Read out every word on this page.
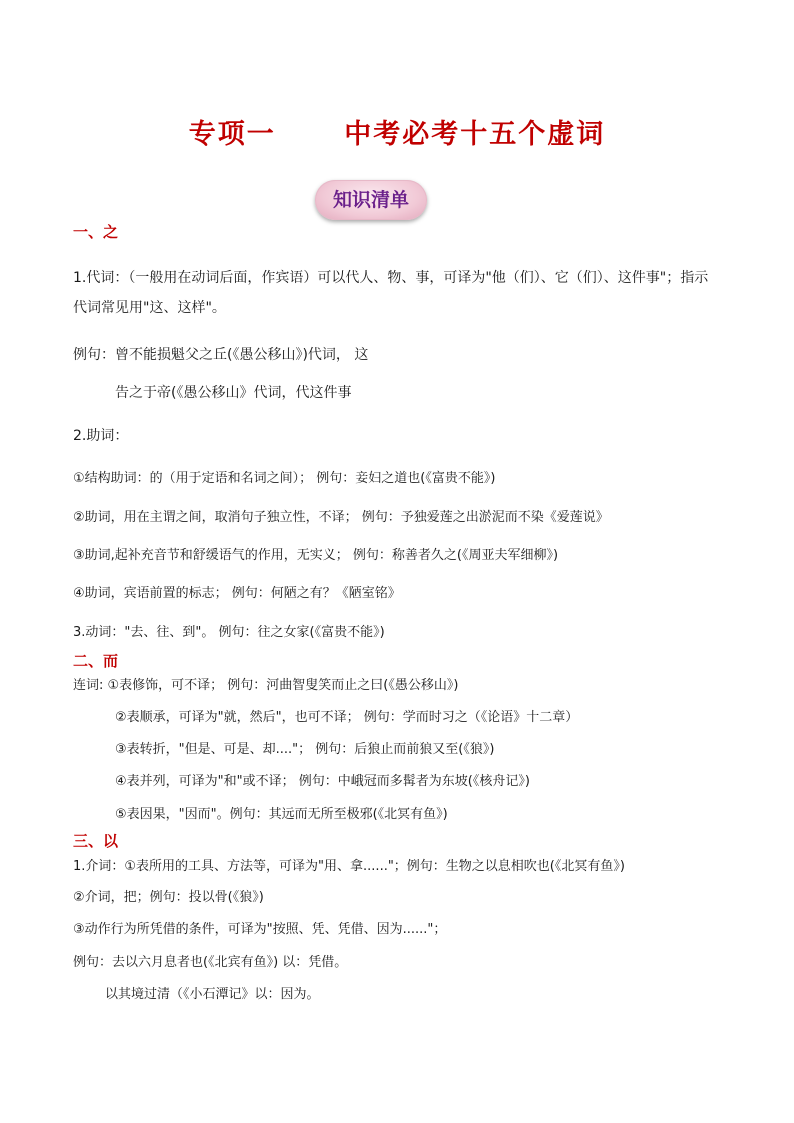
专项一      中考必考十五个虚词
知识清单
一、之
1.代词：（一般用在动词后面，作宾语）可以代人、物、事，可译为"他（们）、它（们）、这件事"；指示
代词常见用"这、这样"。
例句：曾不能损魁父之丘(《愚公移山》)代词， 这
告之于帝(《愚公移山》代词，代这件事
2.助词：
①结构助词：的（用于定语和名词之间）； 例句：妾妇之道也(《富贵不能》)
②助词，用在主谓之间，取消句子独立性，不译； 例句：予独爱莲之出淤泥而不染《爱莲说》
③助词,起补充音节和舒缓语气的作用，无实义； 例句：称善者久之(《周亚夫军细柳》)
④助词，宾语前置的标志； 例句：何陋之有？《陋室铭》
3.动词："去、往、到"。 例句：往之女家(《富贵不能》)
二、而
连词: ①表修饰，可不译； 例句：河曲智叟笑而止之曰(《愚公移山》)
②表顺承，可译为"就，然后"，也可不译； 例句：学而时习之（《论语》十二章）
③表转折，"但是、可是、却...."； 例句：后狼止而前狼又至(《狼》)
④表并列，可译为"和"或不译； 例句：中峨冠而多髯者为东坡(《核舟记》)
⑤表因果，"因而"。例句：其远而无所至极邪(《北冥有鱼》)
三、以
1.介词：①表所用的工具、方法等，可译为"用、拿......"；例句：生物之以息相吹也(《北冥有鱼》)
②介词，把；例句：投以骨(《狼》)
③动作行为所凭借的条件，可译为"按照、凭、凭借、因为......"；
例句：去以六月息者也(《北宾有鱼》) 以：凭借。
以其境过清（《小石潭记》以：因为。
